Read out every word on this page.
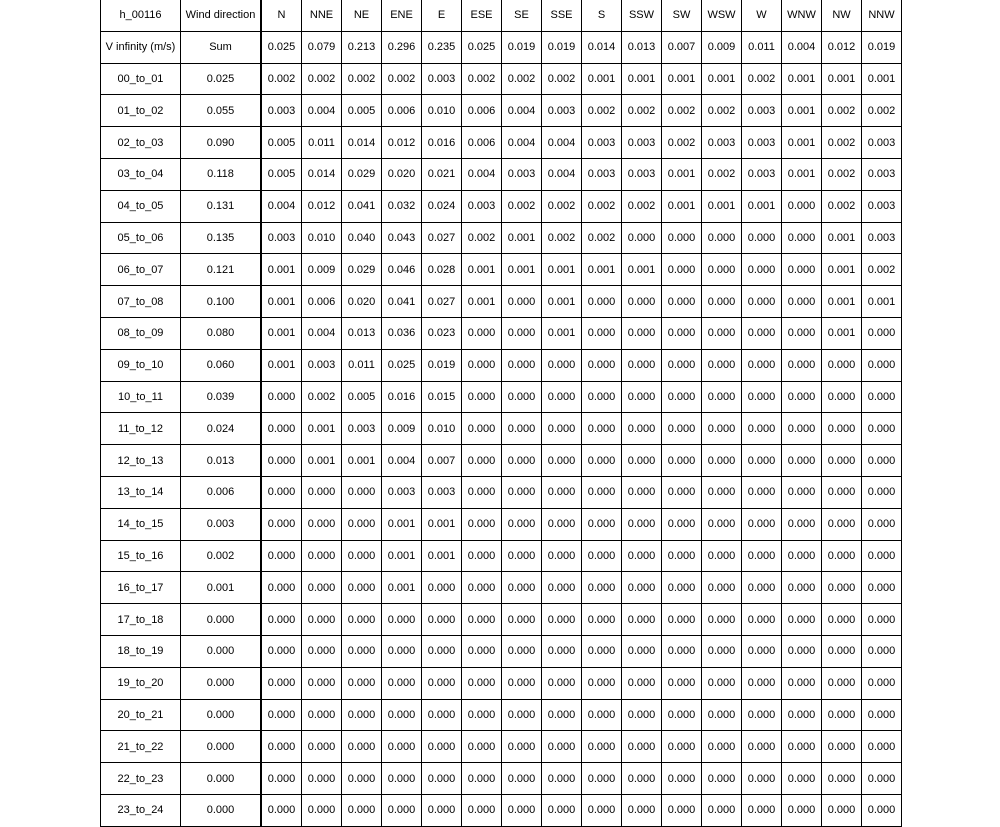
h_00116	Wind direction	N	NNE	NE	ENE	E	ESE	SE	SSE	S	SSW	SW	WSW	W	WNW	NW	NNW
V infinity (m/s)	Sum	0.025	0.079	0.213	0.296	0.235	0.025	0.019	0.019	0.014	0.013	0.007	0.009	0.011	0.004	0.012	0.019
00_to_01	0.025	0.002	0.002	0.002	0.002	0.003	0.002	0.002	0.002	0.001	0.001	0.001	0.001	0.002	0.001	0.001	0.001
01_to_02	0.055	0.003	0.004	0.005	0.006	0.010	0.006	0.004	0.003	0.002	0.002	0.002	0.002	0.003	0.001	0.002	0.002
02_to_03	0.090	0.005	0.011	0.014	0.012	0.016	0.006	0.004	0.004	0.003	0.003	0.002	0.003	0.003	0.001	0.002	0.003
03_to_04	0.118	0.005	0.014	0.029	0.020	0.021	0.004	0.003	0.004	0.003	0.003	0.001	0.002	0.003	0.001	0.002	0.003
04_to_05	0.131	0.004	0.012	0.041	0.032	0.024	0.003	0.002	0.002	0.002	0.002	0.001	0.001	0.001	0.000	0.002	0.003
05_to_06	0.135	0.003	0.010	0.040	0.043	0.027	0.002	0.001	0.002	0.002	0.000	0.000	0.000	0.000	0.000	0.001	0.003
06_to_07	0.121	0.001	0.009	0.029	0.046	0.028	0.001	0.001	0.001	0.001	0.001	0.000	0.000	0.000	0.000	0.001	0.002
07_to_08	0.100	0.001	0.006	0.020	0.041	0.027	0.001	0.000	0.001	0.000	0.000	0.000	0.000	0.000	0.000	0.001	0.001
08_to_09	0.080	0.001	0.004	0.013	0.036	0.023	0.000	0.000	0.001	0.000	0.000	0.000	0.000	0.000	0.000	0.001	0.000
09_to_10	0.060	0.001	0.003	0.011	0.025	0.019	0.000	0.000	0.000	0.000	0.000	0.000	0.000	0.000	0.000	0.000	0.000
10_to_11	0.039	0.000	0.002	0.005	0.016	0.015	0.000	0.000	0.000	0.000	0.000	0.000	0.000	0.000	0.000	0.000	0.000
11_to_12	0.024	0.000	0.001	0.003	0.009	0.010	0.000	0.000	0.000	0.000	0.000	0.000	0.000	0.000	0.000	0.000	0.000
12_to_13	0.013	0.000	0.001	0.001	0.004	0.007	0.000	0.000	0.000	0.000	0.000	0.000	0.000	0.000	0.000	0.000	0.000
13_to_14	0.006	0.000	0.000	0.000	0.003	0.003	0.000	0.000	0.000	0.000	0.000	0.000	0.000	0.000	0.000	0.000	0.000
14_to_15	0.003	0.000	0.000	0.000	0.001	0.001	0.000	0.000	0.000	0.000	0.000	0.000	0.000	0.000	0.000	0.000	0.000
15_to_16	0.002	0.000	0.000	0.000	0.001	0.001	0.000	0.000	0.000	0.000	0.000	0.000	0.000	0.000	0.000	0.000	0.000
16_to_17	0.001	0.000	0.000	0.000	0.001	0.000	0.000	0.000	0.000	0.000	0.000	0.000	0.000	0.000	0.000	0.000	0.000
17_to_18	0.000	0.000	0.000	0.000	0.000	0.000	0.000	0.000	0.000	0.000	0.000	0.000	0.000	0.000	0.000	0.000	0.000
18_to_19	0.000	0.000	0.000	0.000	0.000	0.000	0.000	0.000	0.000	0.000	0.000	0.000	0.000	0.000	0.000	0.000	0.000
19_to_20	0.000	0.000	0.000	0.000	0.000	0.000	0.000	0.000	0.000	0.000	0.000	0.000	0.000	0.000	0.000	0.000	0.000
20_to_21	0.000	0.000	0.000	0.000	0.000	0.000	0.000	0.000	0.000	0.000	0.000	0.000	0.000	0.000	0.000	0.000	0.000
21_to_22	0.000	0.000	0.000	0.000	0.000	0.000	0.000	0.000	0.000	0.000	0.000	0.000	0.000	0.000	0.000	0.000	0.000
22_to_23	0.000	0.000	0.000	0.000	0.000	0.000	0.000	0.000	0.000	0.000	0.000	0.000	0.000	0.000	0.000	0.000	0.000
23_to_24	0.000	0.000	0.000	0.000	0.000	0.000	0.000	0.000	0.000	0.000	0.000	0.000	0.000	0.000	0.000	0.000	0.000
